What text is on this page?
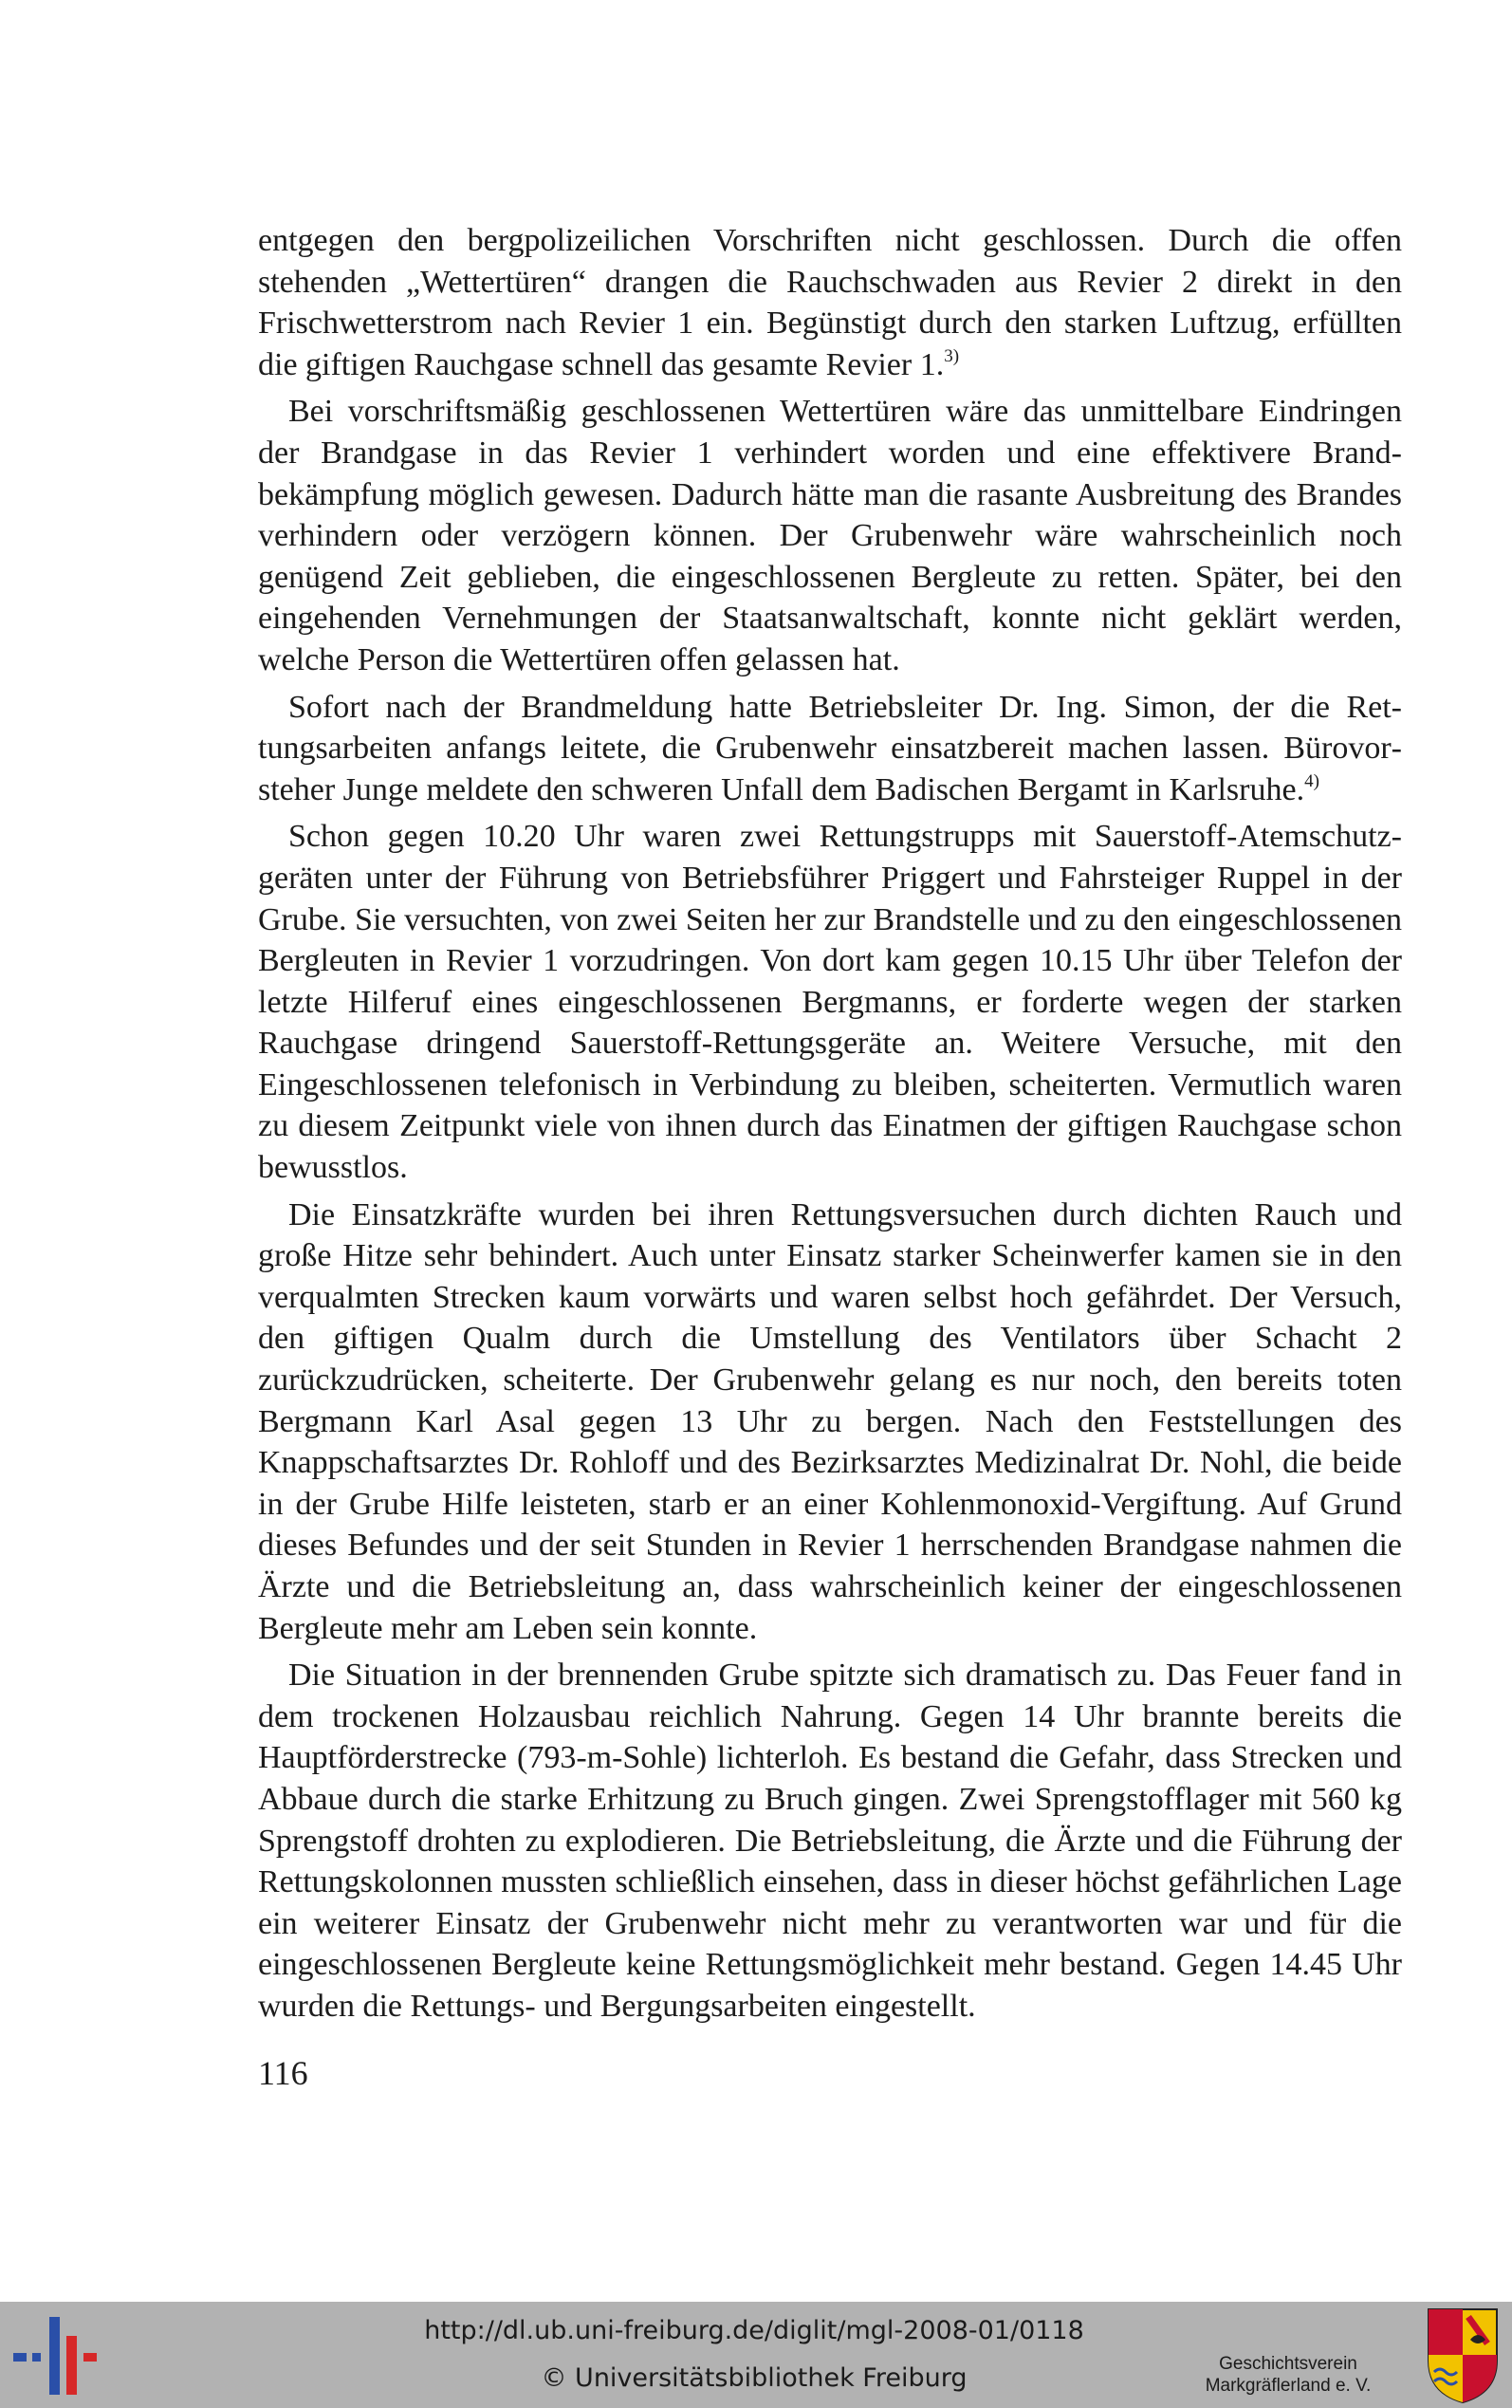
entgegen den bergpolizeilichen Vorschriften nicht geschlossen. Durch die offen stehenden „Wettertüren“ drangen die Rauchschwaden aus Revier 2 direkt in den Frischwetterstrom nach Revier 1 ein. Begünstigt durch den starken Luftzug, erfüllten die giftigen Rauchgase schnell das gesamte Revier 1.$^{3)}$

Bei vorschriftsmäßig geschlossenen Wettertüren wäre das unmittelbare Eindringen der Brandgase in das Revier 1 verhindert worden und eine effektivere Brandbekämpfung möglich gewesen. Dadurch hätte man die rasante Ausbreitung des Brandes verhindern oder verzögern können. Der Grubenwehr wäre wahrscheinlich noch genügend Zeit geblieben, die eingeschlossenen Bergleute zu retten. Später, bei den eingehenden Vernehmungen der Staatsanwaltschaft, konnte nicht geklärt werden, welche Person die Wettertüren offen gelassen hat.

Sofort nach der Brandmeldung hatte Betriebsleiter Dr. Ing. Simon, der die Rettungsarbeiten anfangs leitete, die Grubenwehr einsatzbereit machen lassen. Bürovorsteher Junge meldete den schweren Unfall dem Badischen Bergamt in Karlsruhe.$^{4)}$

Schon gegen 10.20 Uhr waren zwei Rettungstrupps mit Sauerstoff-Atemschutzgeräten unter der Führung von Betriebsführer Priggert und Fahrsteiger Ruppel in der Grube. Sie versuchten, von zwei Seiten her zur Brandstelle und zu den eingeschlossenen Bergleuten in Revier 1 vorzudringen. Von dort kam gegen 10.15 Uhr über Telefon der letzte Hilferuf eines eingeschlossenen Bergmanns, er forderte wegen der starken Rauchgase dringend Sauerstoff-Rettungsgeräte an. Weitere Versuche, mit den Eingeschlossenen telefonisch in Verbindung zu bleiben, scheiterten. Vermutlich waren zu diesem Zeitpunkt viele von ihnen durch das Einatmen der giftigen Rauchgase schon bewusstlos.

Die Einsatzkräfte wurden bei ihren Rettungsversuchen durch dichten Rauch und große Hitze sehr behindert. Auch unter Einsatz starker Scheinwerfer kamen sie in den verqualmten Strecken kaum vorwärts und waren selbst hoch gefährdet. Der Versuch, den giftigen Qualm durch die Umstellung des Ventilators über Schacht 2 zurückzudrücken, scheiterte. Der Grubenwehr gelang es nur noch, den bereits toten Bergmann Karl Asal gegen 13 Uhr zu bergen. Nach den Feststellungen des Knappschaftsarztes Dr. Rohloff und des Bezirksarztes Medizinalrat Dr. Nohl, die beide in der Grube Hilfe leisteten, starb er an einer Kohlenmonoxid-Vergiftung. Auf Grund dieses Befundes und der seit Stunden in Revier 1 herrschenden Brandgase nahmen die Ärzte und die Betriebsleitung an, dass wahrscheinlich keiner der eingeschlossenen Bergleute mehr am Leben sein konnte.

Die Situation in der brennenden Grube spitzte sich dramatisch zu. Das Feuer fand in dem trockenen Holzausbau reichlich Nahrung. Gegen 14 Uhr brannte bereits die Hauptförderstrecke (793-m-Sohle) lichterloh. Es bestand die Gefahr, dass Strecken und Abbaue durch die starke Erhitzung zu Bruch gingen. Zwei Sprengstofflager mit 560 kg Sprengstoff drohten zu explodieren. Die Betriebsleitung, die Ärzte und die Führung der Rettungskolonnen mussten schließlich einsehen, dass in dieser höchst gefährlichen Lage ein weiterer Einsatz der Grubenwehr nicht mehr zu verantworten war und für die eingeschlossenen Bergleute keine Rettungsmöglichkeit mehr bestand. Gegen 14.45 Uhr wurden die Rettungs- und Bergungsarbeiten eingestellt.

116
http://dl.ub.uni-freiburg.de/diglit/mgl-2008-01/0118
© Universitätsbibliothek Freiburg	Geschichtsverein
Markgräflerland e. V.
